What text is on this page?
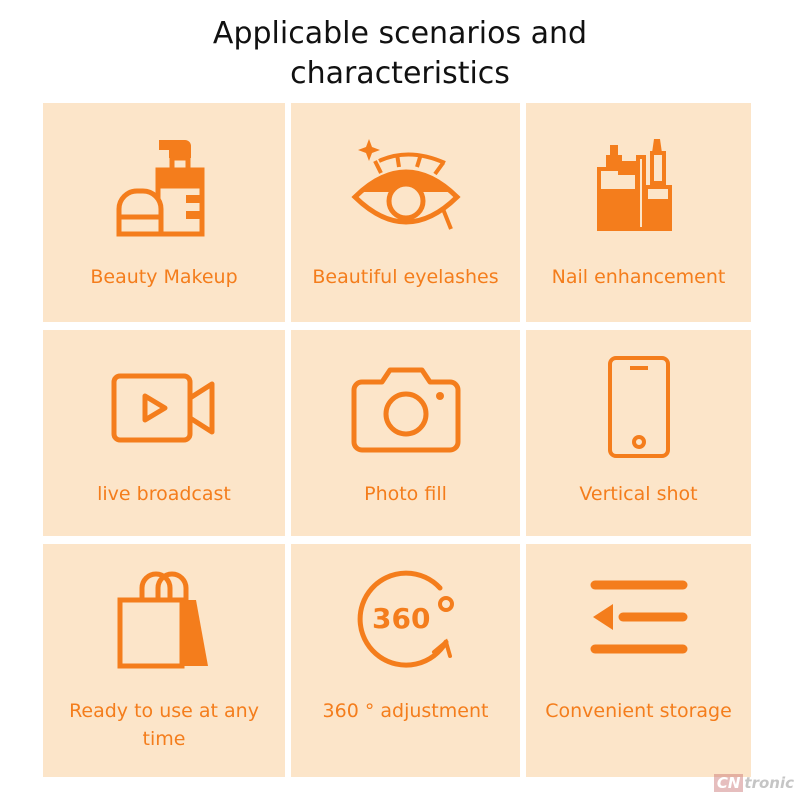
Applicable scenarios and
characteristics
Beauty Makeup	Beautiful eyelashes	Nail enhancement
live broadcast	Photo fill	Vertical shot
Ready to use at any time
360
360 ° adjustment	Convenient storage
CN tronic
